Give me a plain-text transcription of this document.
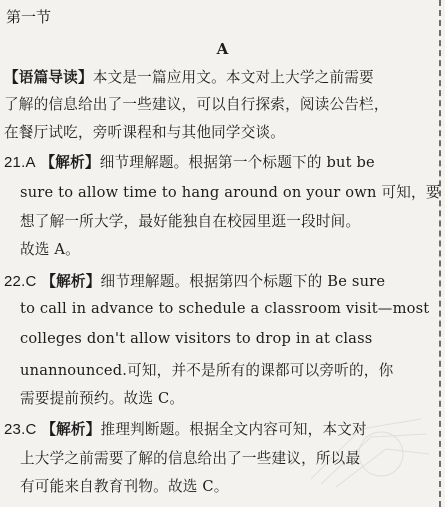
第一节
A
【语篇导读】本文是一篇应用文。本文对上大学之前需要
了解的信息给出了一些建议，可以自行探索，阅读公告栏，
在餐厅试吃，旁听课程和与其他同学交谈。
21.A 【解析】细节理解题。根据第一个标题下的 but be
sure to allow time to hang around on your own 可知，要
想了解一所大学，最好能独自在校园里逛一段时间。
故选 A。
22.C 【解析】细节理解题。根据第四个标题下的 Be sure
to call in advance to schedule a classroom visit—most
colleges don't allow visitors to drop in at class
unannounced.可知，并不是所有的课都可以旁听的，你
需要提前预约。故选 C。
23.C 【解析】推理判断题。根据全文内容可知，本文对
上大学之前需要了解的信息给出了一些建议，所以最
有可能来自教育刊物。故选 C。
